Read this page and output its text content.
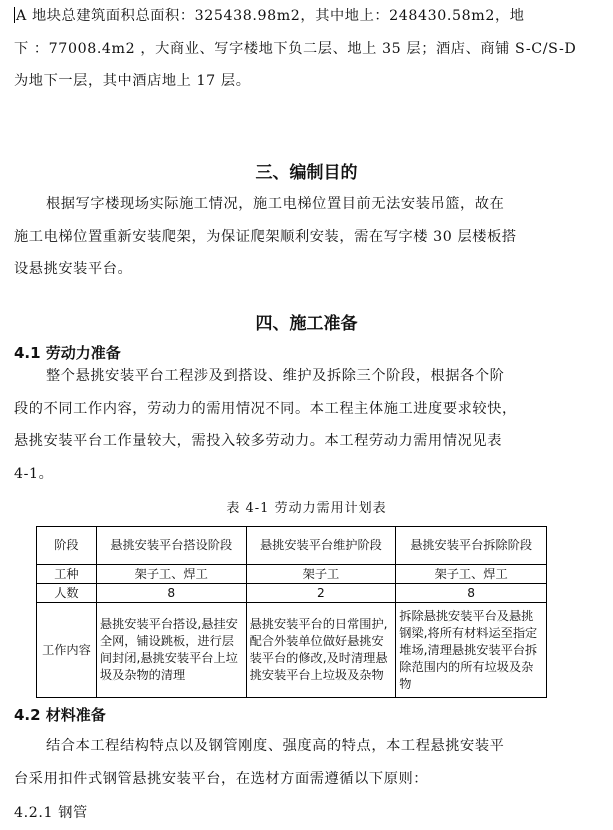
A 地块总建筑面积总面积：325438.98m2，其中地上：248430.58m2，地
下 ：77008.4m2 ，大商业、写字楼地下负二层、地上 35 层；酒店、商铺 S-C/S-D
为地下一层，其中酒店地上 17 层。
三、编制目的
根据写字楼现场实际施工情况，施工电梯位置目前无法安装吊篮，故在
施工电梯位置重新安装爬架，为保证爬架顺利安装，需在写字楼 30 层楼板搭
设悬挑安装平台。
四、施工准备
4.1 劳动力准备
整个悬挑安装平台工程涉及到搭设、维护及拆除三个阶段，根据各个阶
段的不同工作内容，劳动力的需用情况不同。本工程主体施工进度要求较快，
悬挑安装平台工作量较大，需投入较多劳动力。本工程劳动力需用情况见表
4-1。
表 4-1 劳动力需用计划表
阶段	悬挑安装平台搭设阶段	悬挑安装平台维护阶段	悬挑安装平台拆除阶段
工种	架子工、焊工	架子工	架子工、焊工
人数	8	2	8
工作内容	悬挑安装平台搭设,悬挂安全网，铺设跳板，进行层间封闭,悬挑安装平台上垃圾及杂物的清理	悬挑安装平台的日常围护,配合外装单位做好悬挑安装平台的修改,及时清理悬挑安装平台上垃圾及杂物	拆除悬挑安装平台及悬挑钢梁,将所有材料运至指定堆场,清理悬挑安装平台拆除范围内的所有垃圾及杂物
4.2 材料准备
结合本工程结构特点以及钢管刚度、强度高的特点，本工程悬挑安装平
台采用扣件式钢管悬挑安装平台，在选材方面需遵循以下原则：
4.2.1 钢管
